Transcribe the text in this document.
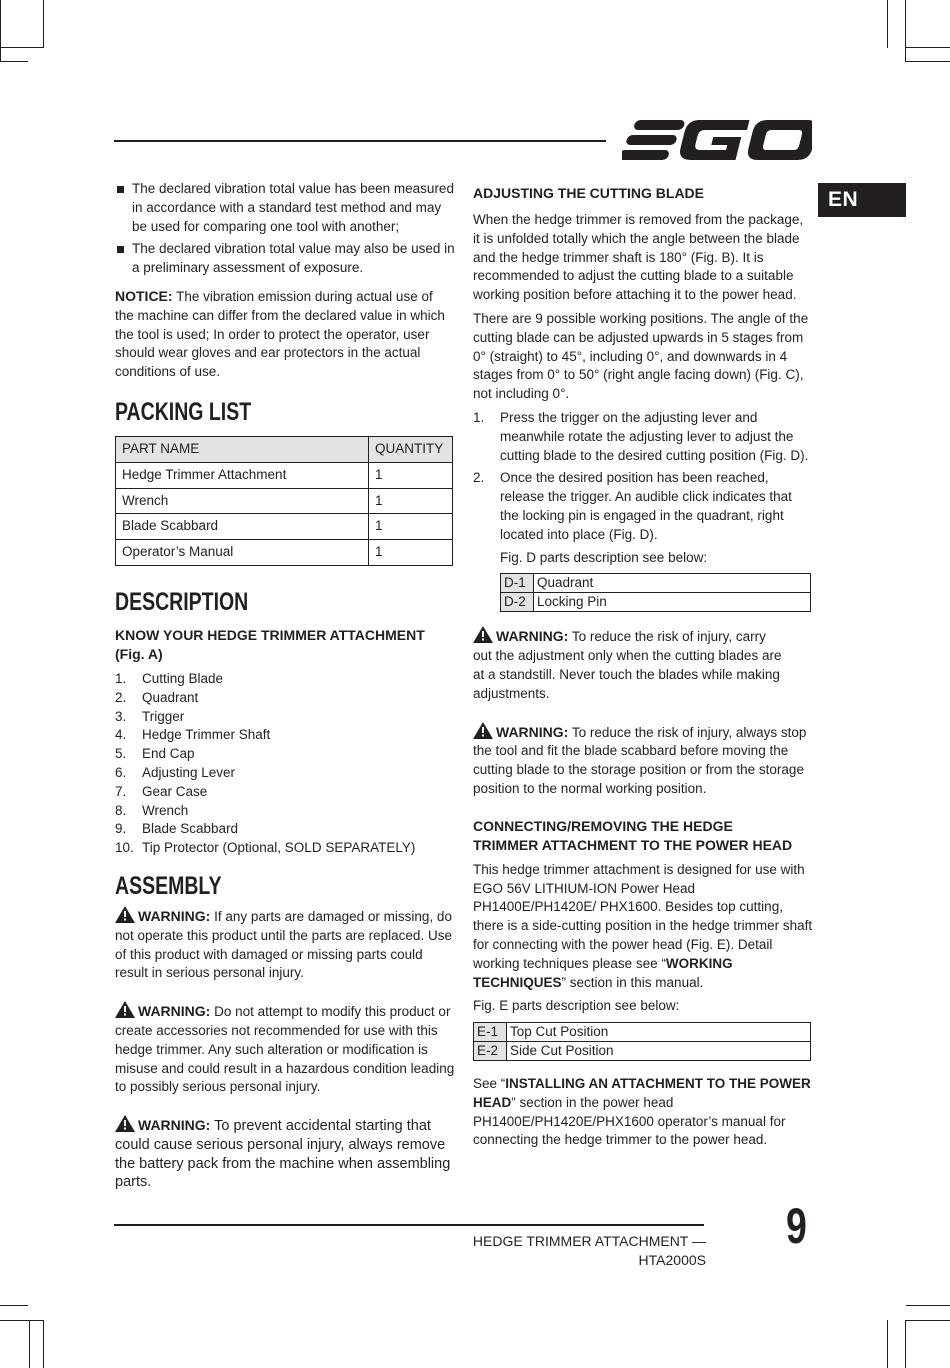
EN
The declared vibration total value has been measured in accordance with a standard test method and may be used for comparing one tool with another;
The declared vibration total value may also be used in a preliminary assessment of exposure.

NOTICE: The vibration emission during actual use of the machine can differ from the declared value in which the tool is used; In order to protect the operator, user should wear gloves and ear protectors in the actual conditions of use.

PACKING LIST
PART NAME	QUANTITY
Hedge Trimmer Attachment	1
Wrench	1
Blade Scabbard	1
Operator’s Manual	1
DESCRIPTION
KNOW YOUR HEDGE TRIMMER ATTACHMENT (Fig. A)
1.	Cutting Blade
2.	Quadrant
3.	Trigger
4.	Hedge Trimmer Shaft
5.	End Cap
6.	Adjusting Lever
7.	Gear Case
8.	Wrench
9.	Blade Scabbard
10. Tip Protector (Optional, SOLD SEPARATELY)
ASSEMBLY

WARNING: If any parts are damaged or missing, do not operate this product until the parts are replaced. Use of this product with damaged or missing parts could result in serious personal injury.

WARNING: Do not attempt to modify this product or create accessories not recommended for use with this hedge trimmer. Any such alteration or modification is misuse and could result in a hazardous condition leading to possibly serious personal injury.

WARNING: To prevent accidental starting that could cause serious personal injury, always remove the battery pack from the machine when assembling parts.

ADJUSTING THE CUTTING BLADE

When the hedge trimmer is removed from the package, it is unfolded totally which the angle between the blade and the hedge trimmer shaft is 180° (Fig. B). It is recommended to adjust the cutting blade to a suitable working position before attaching it to the power head.

There are 9 possible working positions. The angle of the cutting blade can be adjusted upwards in 5 stages from 0° (straight) to 45°, including 0°, and downwards in 4 stages from 0° to 50° (right angle facing down) (Fig. C), not including 0°.

1.	Press the trigger on the adjusting lever and meanwhile rotate the adjusting lever to adjust the cutting blade to the desired cutting position (Fig. D).
2.	Once the desired position has been reached, release the trigger. An audible click indicates that the locking pin is engaged in the quadrant, right located into place (Fig. D).

Fig. D parts description see below:

D-1	Quadrant
D-2	Locking Pin

WARNING: To reduce the risk of injury, carry out the adjustment only when the cutting blades are at a standstill. Never touch the blades while making adjustments.

WARNING: To reduce the risk of injury, always stop the tool and fit the blade scabbard before moving the cutting blade to the storage position or from the storage position to the normal working position.

CONNECTING/REMOVING THE HEDGE TRIMMER ATTACHMENT TO THE POWER HEAD

This hedge trimmer attachment is designed for use with EGO 56V LITHIUM-ION Power Head PH1400E/PH1420E/ PHX1600. Besides top cutting, there is a side-cutting position in the hedge trimmer shaft for connecting with the power head (Fig. E). Detail working techniques please see “WORKING TECHNIQUES” section in this manual.

Fig. E parts description see below:

E-1	Top Cut Position
E-2	Side Cut Position

See “INSTALLING AN ATTACHMENT TO THE POWER HEAD” section in the power head PH1400E/PH1420E/PHX1600 operator’s manual for connecting the hedge trimmer to the power head.

HEDGE TRIMMER ATTACHMENT — HTA2000S
9
